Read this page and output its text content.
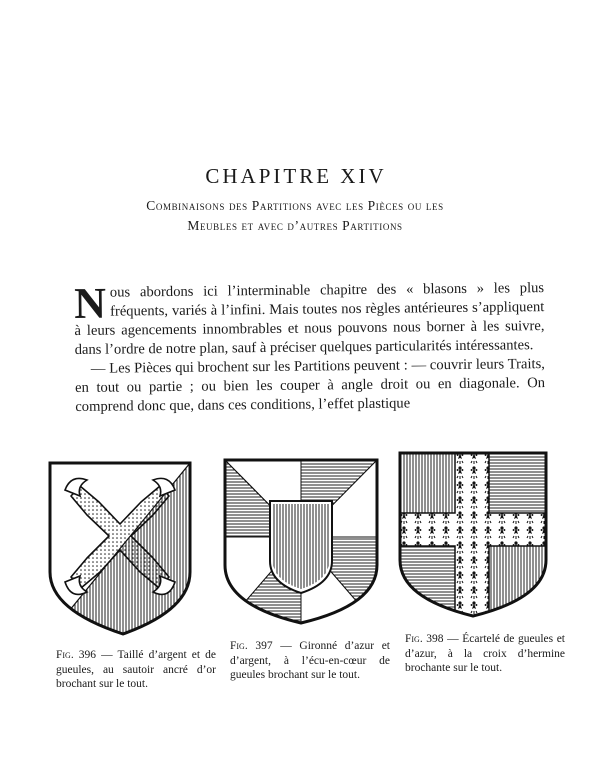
CHAPITRE XIV
Combinaisons des Partitions avec les Pièces ou les
Meubles et avec d’autres Partitions

Nous abordons ici l’interminable chapitre des « blasons » les plus fréquents, variés à l’infini. Mais toutes nos règles antérieures s’appliquent à leurs agencements innombrables et nous pouvons nous borner à les suivre, dans l’ordre de notre plan, sauf à préciser quelques particularités intéressantes.

— Les Pièces qui brochent sur les Partitions peuvent : — couvrir leurs Traits, en tout ou partie ; ou bien les couper à angle droit ou en diagonale. On comprend donc que, dans ces conditions, l’effet plastique

Fig. 396 — Taillé d’argent et de gueules, au sautoir ancré d’or brochant sur le tout.
Fig. 397 — Gironné d’azur et d’argent, à l’écu-en-cœur de gueules brochant sur le tout.
Fig. 398 — Écartelé de gueules et d’azur, à la croix d’hermine brochante sur le tout.
